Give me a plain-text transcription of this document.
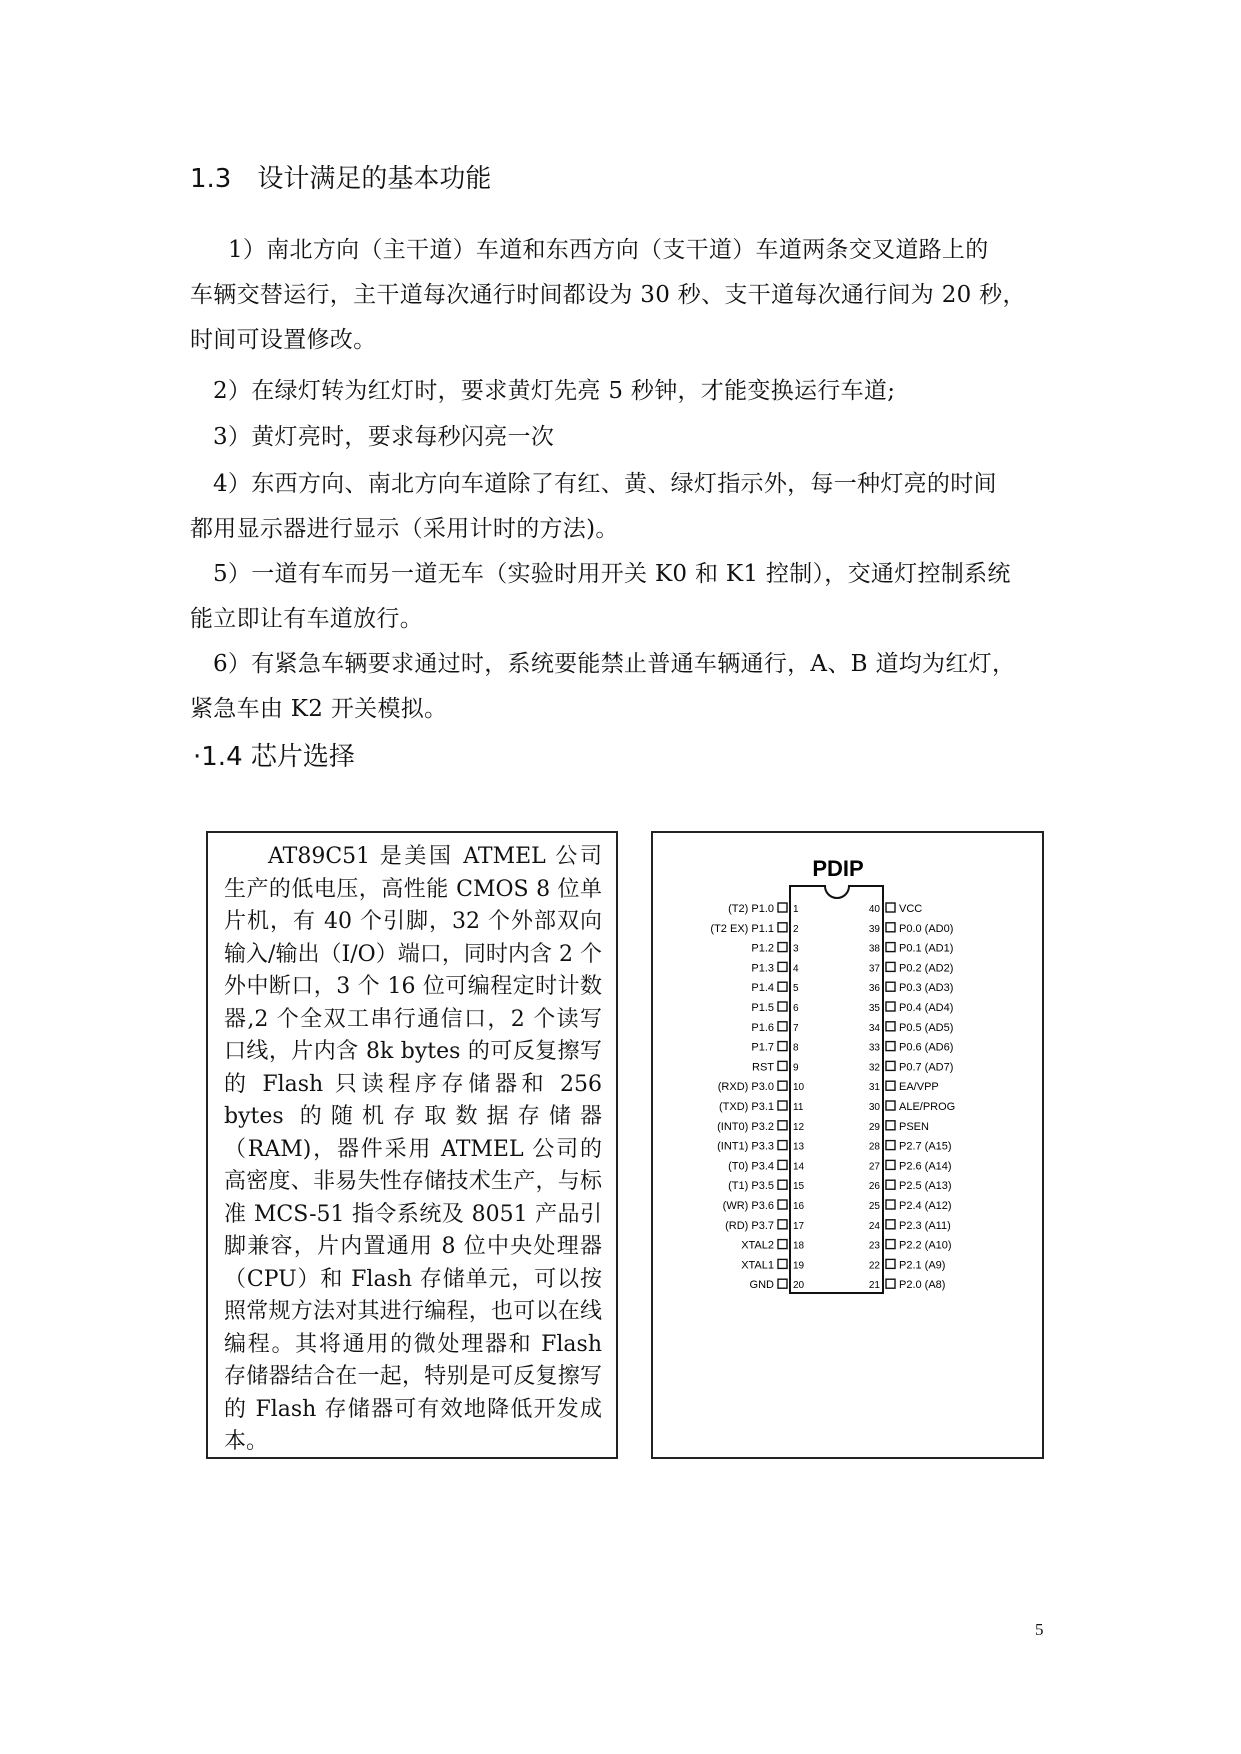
1.3　设计满足的基本功能

1）南北方向（主干道）车道和东西方向（支干道）车道两条交叉道路上的

车辆交替运行，主干道每次通行时间都设为 30 秒、支干道每次通行间为 20 秒，

时间可设置修改。

2）在绿灯转为红灯时，要求黄灯先亮 5 秒钟，才能变换运行车道;
3）黄灯亮时，要求每秒闪亮一次

4）东西方向、南北方向车道除了有红、黄、绿灯指示外，每一种灯亮的时间

都用显示器进行显示（采用计时的方法)。

5）一道有车而另一道无车（实验时用开关 K0 和 K1 控制），交通灯控制系统

能立即让有车道放行。

6）有紧急车辆要求通过时，系统要能禁止普通车辆通行，A、B 道均为红灯，

紧急车由 K2 开关模拟。

·1.4 芯片选择

AT89C51 是美国 ATMEL 公司生产的低电压，高性能 CMOS 8 位单片机，有 40 个引脚，32 个外部双向输入/输出（I/O）端口，同时内含 2 个外中断口，3 个 16 位可编程定时计数器,2 个全双工串行通信口，2 个读写口线，片内含 8k bytes 的可反复擦写的 Flash 只读程序存储器和 256 bytes 的随机存取数据存储器（RAM)，器件采用 ATMEL 公司的高密度、非易失性存储技术生产，与标准 MCS-51 指令系统及 8051 产品引脚兼容，片内置通用 8 位中央处理器（CPU）和 Flash 存储单元，可以按照常规方法对其进行编程，也可以在线编程。其将通用的微处理器和 Flash 存储器结合在一起，特别是可反复擦写的 Flash 存储器可有效地降低开发成本。

PDIP
(T2) P1.0 1
(T2 EX) P1.1 2
P1.2 3
P1.3 4
P1.4 5
P1.5 6
P1.6 7
P1.7 8
RST 9
(RXD) P3.0 10
(TXD) P3.1 11
(INT0) P3.2 12
(INT1) P3.3 13
(T0) P3.4 14
(T1) P3.5 15
(WR) P3.6 16
(RD) P3.7 17
XTAL2 18
XTAL1 19
GND 20
40 VCC
39 P0.0 (AD0)
38 P0.1 (AD1)
37 P0.2 (AD2)
36 P0.3 (AD3)
35 P0.4 (AD4)
34 P0.5 (AD5)
33 P0.6 (AD6)
32 P0.7 (AD7)
31 EA/VPP
30 ALE/PROG
29 PSEN
28 P2.7 (A15)
27 P2.6 (A14)
26 P2.5 (A13)
25 P2.4 (A12)
24 P2.3 (A11)
23 P2.2 (A10)
22 P2.1 (A9)
21 P2.0 (A8)
5
